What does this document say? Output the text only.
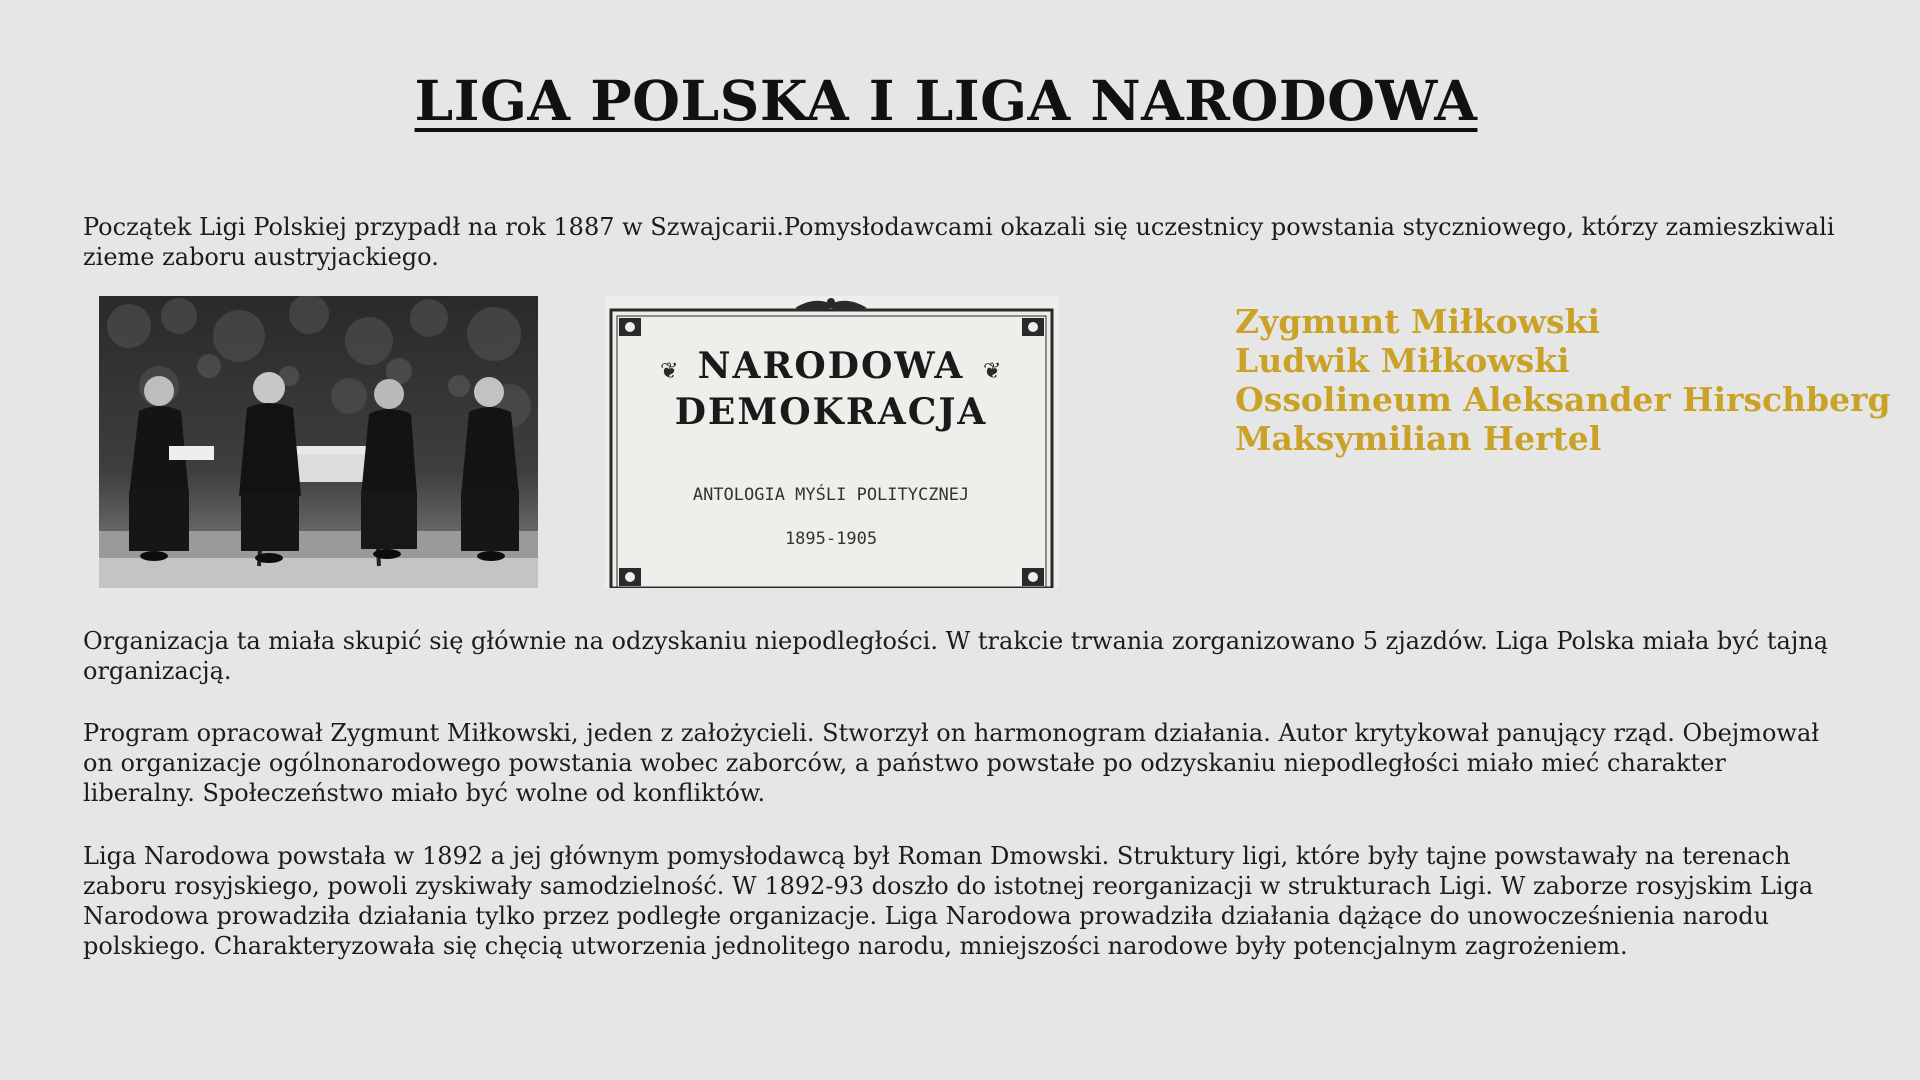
LIGA POLSKA I LIGA NARODOWA

Początek Ligi Polskiej przypadł na rok 1887 w Szwajcarii.Pomysłodawcami okazali się uczestnicy powstania styczniowego, którzy zamieszkiwali zieme zaboru austryjackiego.

❦	❦
NARODOWA
DEMOKRACJA
ANTOLOGIA MYŚLI POLITYCZNEJ
1895-1905
Zygmunt Miłkowski
Ludwik Miłkowski
Ossolineum Aleksander Hirschberg
Maksymilian Hertel

Organizacja ta miała skupić się głównie na odzyskaniu niepodległości. W trakcie trwania zorganizowano 5 zjazdów. Liga Polska miała być tajną organizacją.

Program opracował Zygmunt Miłkowski, jeden z założycieli. Stworzył on harmonogram działania. Autor krytykował panujący rząd. Obejmował on organizacje ogólnonarodowego powstania wobec zaborców, a państwo powstałe po odzyskaniu niepodległości miało mieć charakter liberalny. Społeczeństwo miało być wolne od konfliktów.

Liga Narodowa powstała w 1892 a jej głównym pomysłodawcą był Roman Dmowski. Struktury ligi, które były tajne powstawały na terenach zaboru rosyjskiego, powoli zyskiwały samodzielność. W 1892-93 doszło do istotnej reorganizacji w strukturach Ligi. W zaborze rosyjskim Liga Narodowa prowadziła działania tylko przez podległe organizacje. Liga Narodowa prowadziła działania dążące do unowocześnienia narodu polskiego. Charakteryzowała się chęcią utworzenia jednolitego narodu, mniejszości narodowe były potencjalnym zagrożeniem.
